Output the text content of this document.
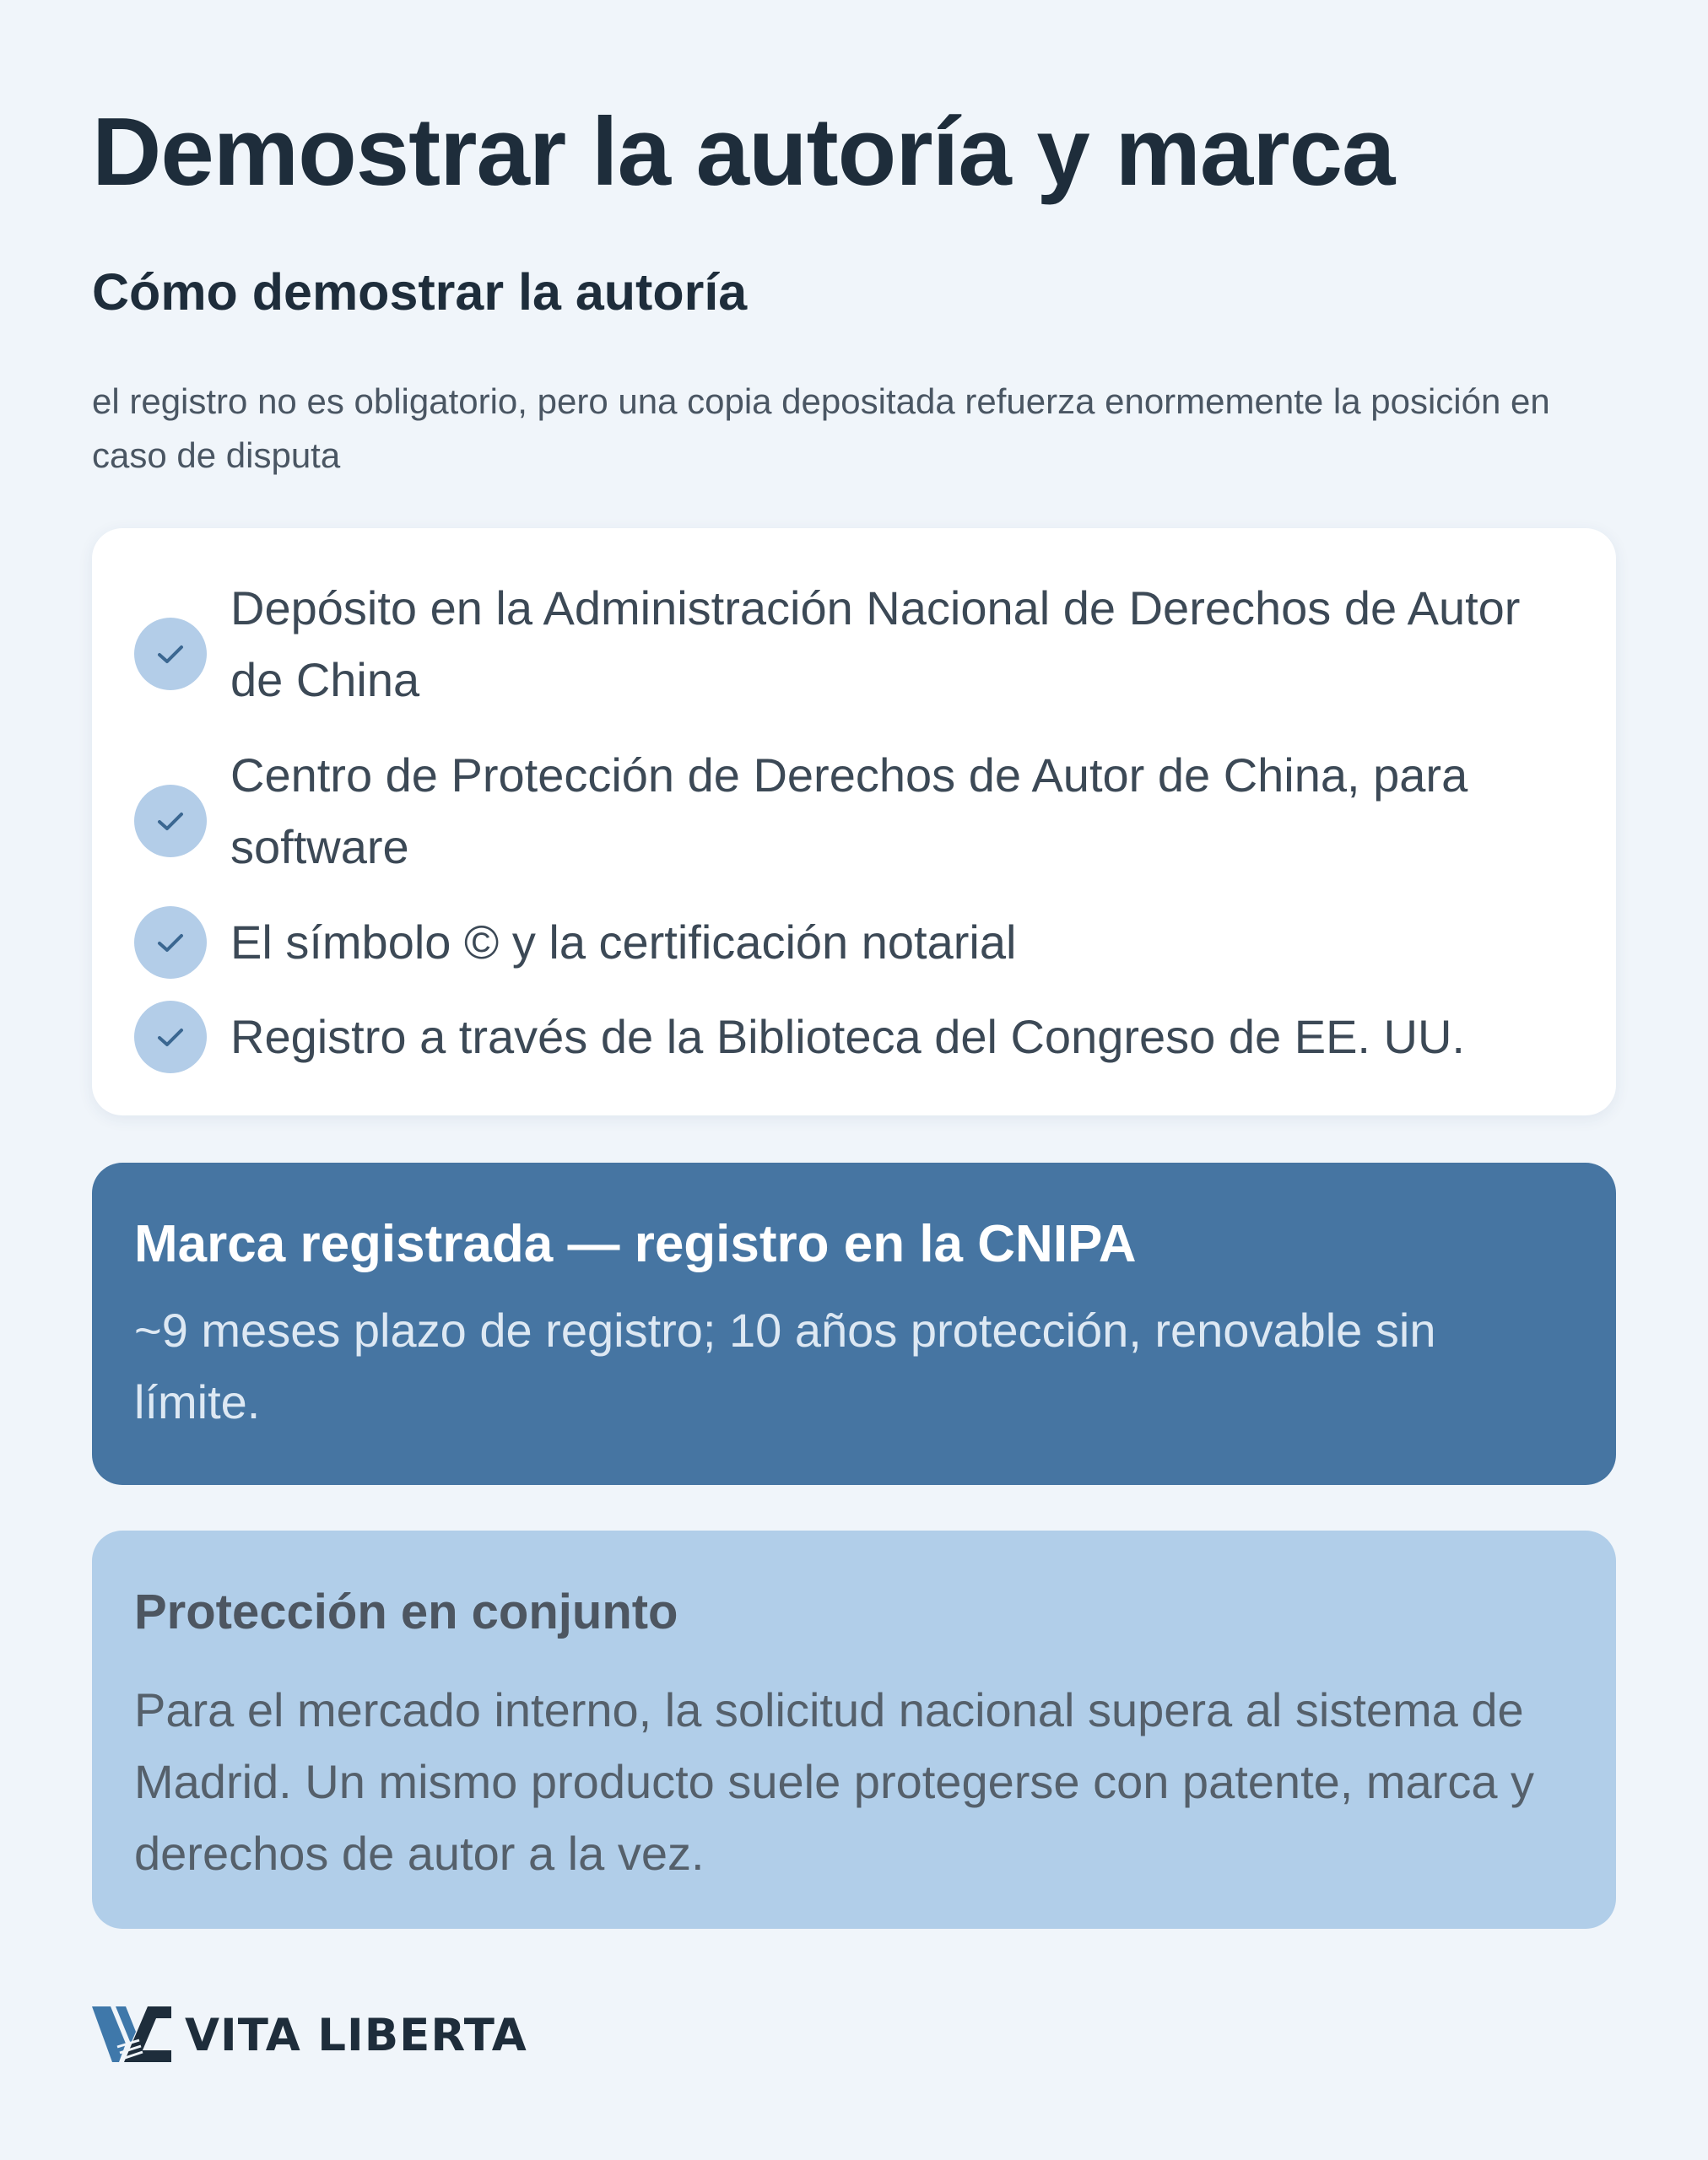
Demostrar la autoría y marca
Cómo demostrar la autoría

el registro no es obligatorio, pero una copia depositada refuerza enormemente la posición en caso de disputa

Depósito en la Administración Nacional de Derechos de Autor de China
Centro de Protección de Derechos de Autor de China, para software
El símbolo © y la certificación notarial
Registro a través de la Biblioteca del Congreso de EE. UU.
Marca registrada — registro en la CNIPA
~9 meses plazo de registro; 10 años protección, renovable sin límite.
Protección en conjunto
Para el mercado interno, la solicitud nacional supera al sistema de Madrid. Un mismo producto suele protegerse con patente, marca y derechos de autor a la vez.
VITA LIBERTA
